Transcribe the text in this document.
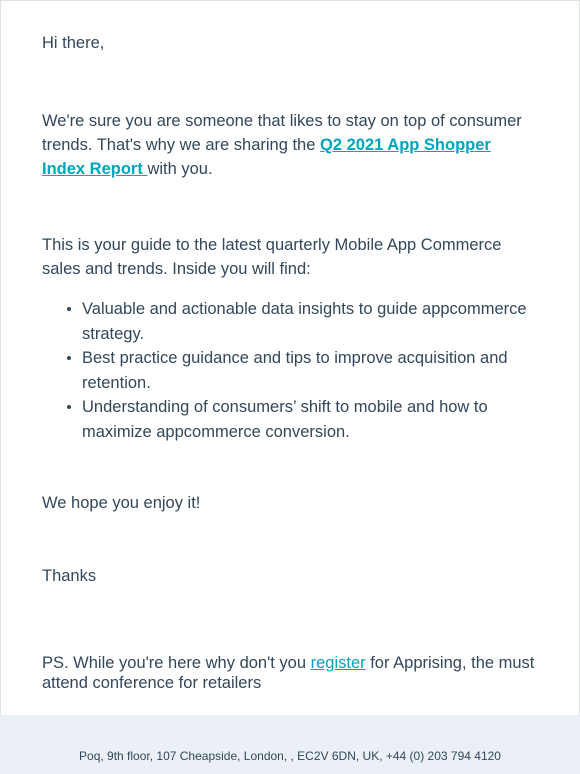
Hi there,

We're sure you are someone that likes to stay on top of consumer trends. That's why we are sharing the Q2 2021 App Shopper Index Report with you.

This is your guide to the latest quarterly Mobile App Commerce sales and trends. Inside you will find:

Valuable and actionable data insights to guide appcommerce strategy.
Best practice guidance and tips to improve acquisition and retention.
Understanding of consumers’ shift to mobile and how to maximize appcommerce conversion.

We hope you enjoy it!

Thanks

PS. While you're here why don't you register for Apprising, the must attend conference for retailers

Poq, 9th floor, 107 Cheapside, London, , EC2V 6DN, UK, +44 (0) 203 794 4120
